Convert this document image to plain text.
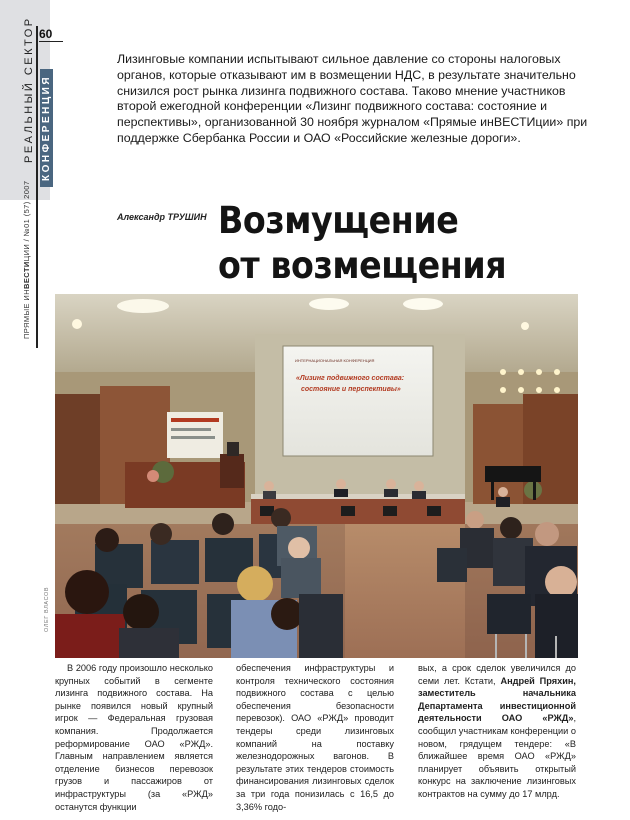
60
РЕАЛЬНЫЙ СЕКТОР КОНФЕРЕНЦИЯ
ПРЯМЫЕ ИНВЕСТИЦИИ / №01 (57) 2007
Лизинговые компании испытывают сильное давление со стороны налоговых органов, которые отказывают им в возмещении НДС, в результате значительно снизился рост рынка лизинга подвижного состава. Таково мнение участников второй ежегодной конференции «Лизинг подвижного состава: состояние и перспективы», организованной 30 ноября журналом «Прямые инВЕСТИции» при поддержке Сбербанка России и ОАО «Российские железные дороги».
Александр ТРУШИН Возмущение
от возмещения
ИНТЕРНАЦИОНАЛЬНАЯ КОНФЕРЕНЦИЯ
«Лизинг подвижного состава:
состояние и перспективы»
ОЛЕГ ВЛАСОВ

В 2006 году произошло несколько крупных событий в сегменте лизинга подвижного состава. На рынке появился новый крупный игрок — Федеральная грузовая компания. Продолжается реформирование ОАО «РЖД». Главным направлением является отделение бизнесов перевозок грузов и пассажиров от инфраструктуры (за «РЖД» останутся функции

обеспечения инфраструктуры и контроля технического состояния подвижного состава с целью обеспечения безопасности перевозок). ОАО «РЖД» проводит тендеры среди лизинговых компаний на поставку железнодорожных вагонов. В результате этих тендеров стоимость финансирования лизинговых сделок за три года понизилась с 16,5 до 3,36% годо-

вых, а срок сделок увеличился до семи лет. Кстати, Андрей Пряхин, заместитель начальника Департамента инвестиционной деятельности ОАО «РЖД», сообщил участникам конференции о новом, грядущем тендере: «В ближайшее время ОАО «РЖД» планирует объявить открытый конкурс на заключение лизинговых контрактов на сумму до 17 млрд.
